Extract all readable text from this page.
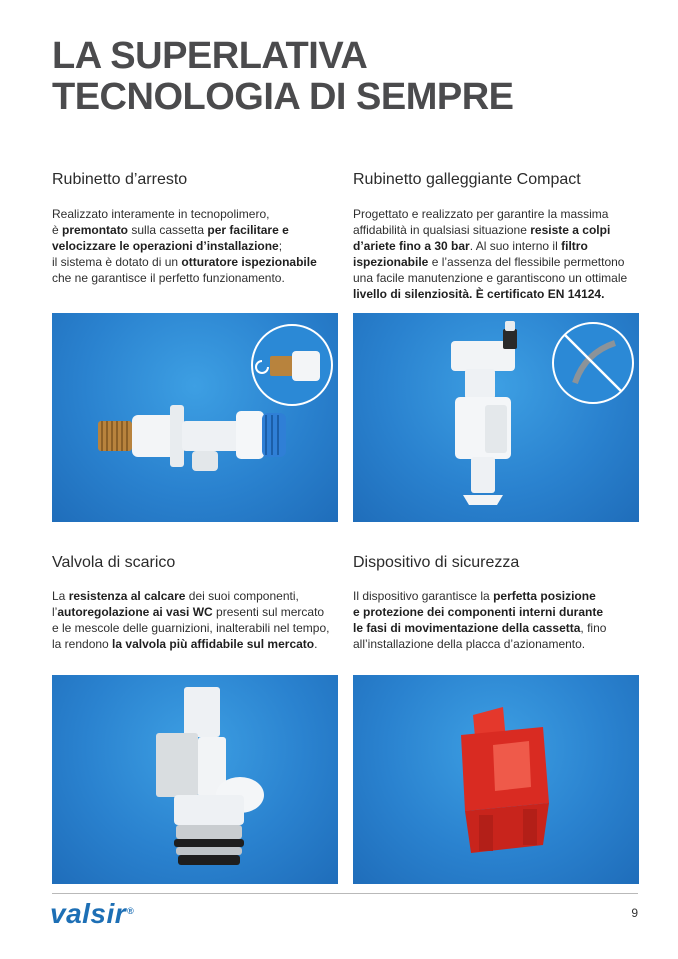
LA SUPERLATIVA
TECNOLOGIA DI SEMPRE
Rubinetto d’arresto
Realizzato interamente in tecnopolimero,
è premontato sulla cassetta per facilitare e
velocizzare le operazioni d’installazione;
il sistema è dotato di un otturatore ispezionabile
che ne garantisce il perfetto funzionamento.
Rubinetto galleggiante Compact
Progettato e realizzato per garantire la massima
affidabilità in qualsiasi situazione resiste a colpi
d’ariete fino a 30 bar. Al suo interno il filtro
ispezionabile e l’assenza del flessibile permettono
una facile manutenzione e garantiscono un ottimale
livello di silenziosità. È certificato EN 14124.
Valvola di scarico
La resistenza al calcare dei suoi componenti,
l’autoregolazione ai vasi WC presenti sul mercato
e le mescole delle guarnizioni, inalterabili nel tempo,
la rendono la valvola più affidabile sul mercato.
Dispositivo di sicurezza
Il dispositivo garantisce la perfetta posizione
e protezione dei componenti interni durante
le fasi di movimentazione della cassetta, fino
all’installazione della placca d’azionamento.
valsir®	9
